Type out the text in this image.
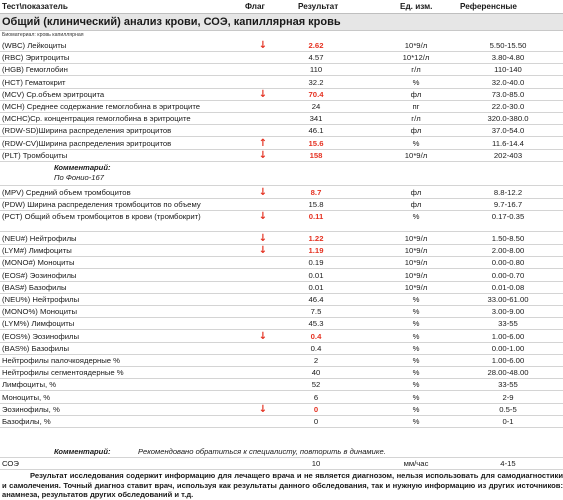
Тест\показатель	Флаг	Результат	Ед. изм.	Референсные
Общий (клинический) анализ крови, СОЭ, капиллярная кровь
Биоматериал: кровь капиллярная
(WBC) Лейкоциты	↓	2.62	10*9/л	5.50-15.50
(RBC) Эритроциты	4.57	10*12/л	3.80-4.80
(HGB) Гемоглобин	110	г/л	110-140
(HCT) Гематокрит	32.2	%	32.0-40.0
(MCV) Ср.объем эритроцита	↓	70.4	фл	73.0-85.0
(MCH) Среднее содержание гемоглобина в эритроците	24	пг	22.0-30.0
(MCHC)Ср. концентрация гемоглобина в эритроците	341	г/л	320.0-380.0
(RDW-SD)Ширина распределения эритроцитов	46.1	фл	37.0-54.0
(RDW-CV)Ширина распределения эритроцитов	↑	15.6	%	11.6-14.4
(PLT) Тромбоциты	↓	158	10*9/л	202-403
Комментарий:
По Фонио-167
(MPV) Средний объем тромбоцитов	↓	8.7	фл	8.8-12.2
(PDW) Ширина распределения тромбоцитов по объему	15.8	фл	9.7-16.7
(PCT) Общий объем тромбоцитов в крови (тромбокрит)	↓	0.11	%	0.17-0.35
(NEU#) Нейтрофилы	↓	1.22	10*9/л	1.50-8.50
(LYM#) Лимфоциты	↓	1.19	10*9/л	2.00-8.00
(MONO#) Моноциты	0.19	10*9/л	0.00-0.80
(EOS#) Эозинофилы	0.01	10*9/л	0.00-0.70
(BAS#) Базофилы	0.01	10*9/л	0.01-0.08
(NEU%) Нейтрофилы	46.4	%	33.00-61.00
(MONO%) Моноциты	7.5	%	3.00-9.00
(LYM%) Лимфоциты	45.3	%	33-55
(EOS%) Эозинофилы	↓	0.4	%	1.00-6.00
(BAS%) Базофилы	0.4	%	0.00-1.00
Нейтрофилы палочкоядерные %	2	%	1.00-6.00
Нейтрофилы сегментоядерные %	40	%	28.00-48.00
Лимфоциты, %	52	%	33-55
Моноциты, %	6	%	2-9
Эозинофилы, %	↓	0	%	0.5-5
Базофилы, %	0	%	0-1
Комментарий:	Рекомендовано обратиться к специалисту, повторить в динамике.
СОЭ	10	мм/час	4-15
Результат исследования содержит информацию для лечащего врача и не является диагнозом, нельзя использовать для самодиагностики и самолечения. Точный диагноз ставит врач, используя как результаты данного обследования, так и нужную информацию из других источников: анамнеза, результатов других обследований и т.д.
